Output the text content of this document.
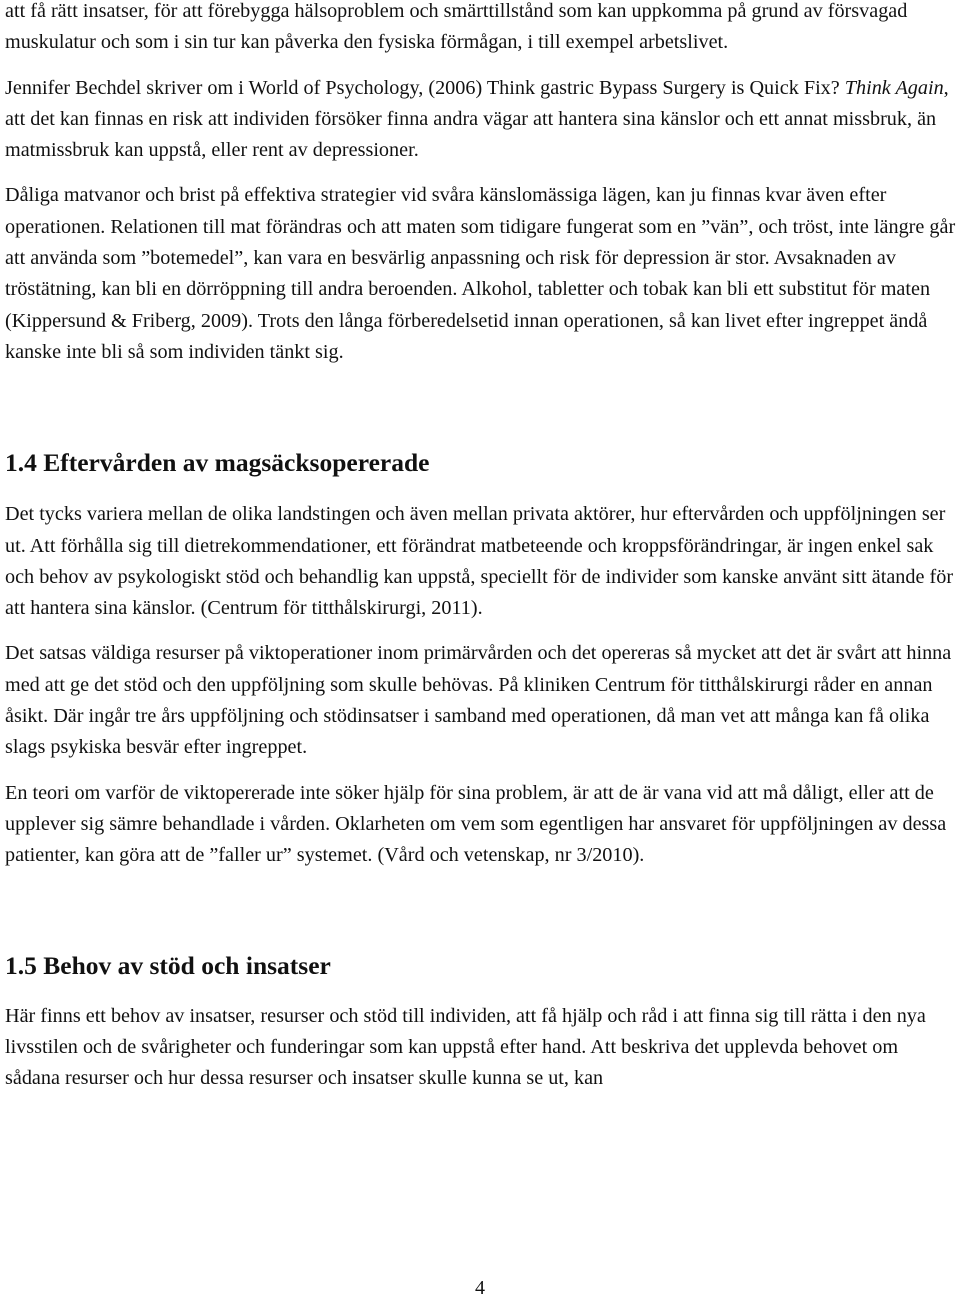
att få rätt insatser, för att förebygga hälsoproblem och smärttillstånd som kan uppkomma på grund av försvagad muskulatur och som i sin tur kan påverka den fysiska förmågan, i till exempel arbetslivet.

Jennifer Bechdel skriver om i World of Psychology, (2006) Think gastric Bypass Surgery is Quick Fix? Think Again, att det kan finnas en risk att individen försöker finna andra vägar att hantera sina känslor och ett annat missbruk, än matmissbruk kan uppstå, eller rent av depressioner.

Dåliga matvanor och brist på effektiva strategier vid svåra känslomässiga lägen, kan ju finnas kvar även efter operationen. Relationen till mat förändras och att maten som tidigare fungerat som en ”vän”, och tröst, inte längre går att använda som ”botemedel”, kan vara en besvärlig anpassning och risk för depression är stor. Avsaknaden av tröstätning, kan bli en dörröppning till andra beroenden. Alkohol, tabletter och tobak kan bli ett substitut för maten (Kippersund & Friberg, 2009). Trots den långa förberedelsetid innan operationen, så kan livet efter ingreppet ändå kanske inte bli så som individen tänkt sig.

1.4 Eftervården av magsäcksopererade

Det tycks variera mellan de olika landstingen och även mellan privata aktörer, hur eftervården och uppföljningen ser ut. Att förhålla sig till dietrekommendationer, ett förändrat matbeteende och kroppsförändringar, är ingen enkel sak och behov av psykologiskt stöd och behandlig kan uppstå, speciellt för de individer som kanske använt sitt ätande för att hantera sina känslor. (Centrum för titthålskirurgi, 2011).

Det satsas väldiga resurser på viktoperationer inom primärvården och det opereras så mycket att det är svårt att hinna med att ge det stöd och den uppföljning som skulle behövas. På kliniken Centrum för titthålskirurgi råder en annan åsikt. Där ingår tre års uppföljning och stödinsatser i samband med operationen, då man vet att många kan få olika slags psykiska besvär efter ingreppet.

En teori om varför de viktopererade inte söker hjälp för sina problem, är att de är vana vid att må dåligt, eller att de upplever sig sämre behandlade i vården. Oklarheten om vem som egentligen har ansvaret för uppföljningen av dessa patienter, kan göra att de ”faller ur” systemet. (Vård och vetenskap, nr 3/2010).

1.5 Behov av stöd och insatser

Här finns ett behov av insatser, resurser och stöd till individen, att få hjälp och råd i att finna sig till rätta i den nya livsstilen och de svårigheter och funderingar som kan uppstå efter hand. Att beskriva det upplevda behovet om sådana resurser och hur dessa resurser och insatser skulle kunna se ut, kan

4
